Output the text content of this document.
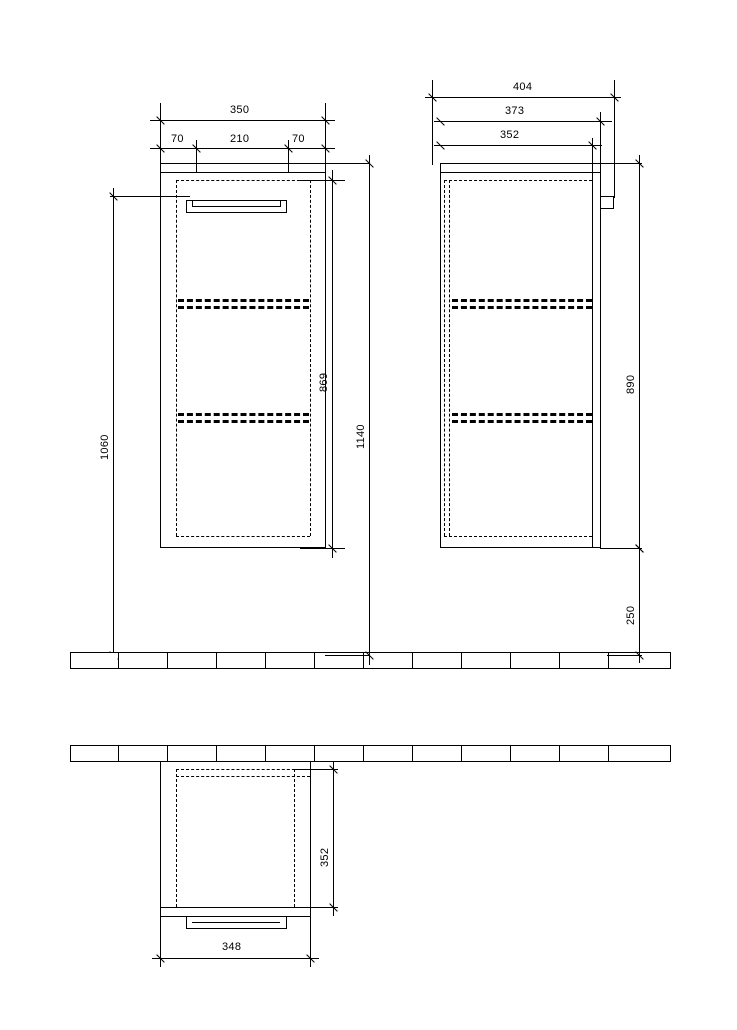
350
70	210	70
869
1140
1060
404
373
352
890
250
352
348
